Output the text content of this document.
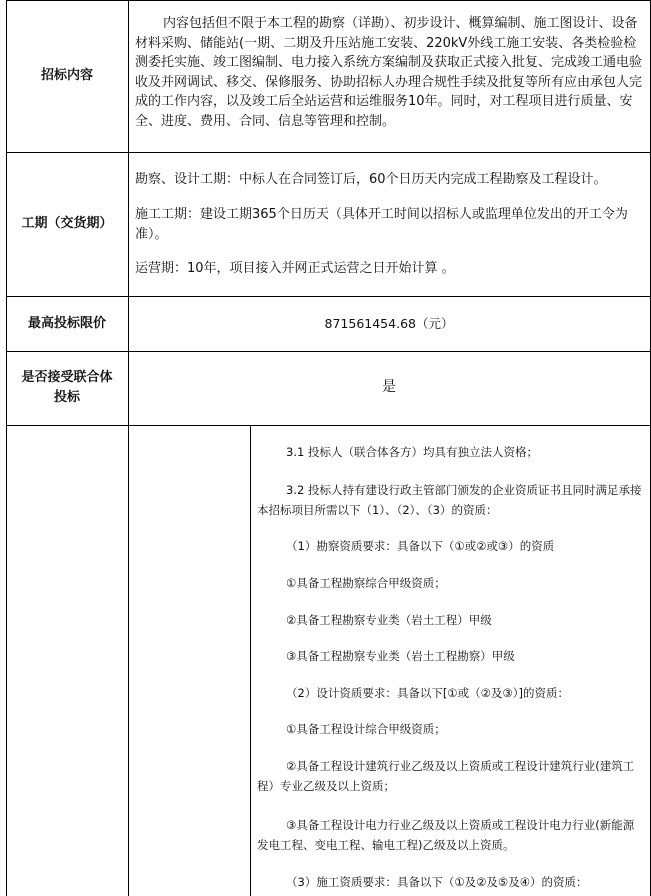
招标内容

内容包括但不限于本工程的勘察（详勘）、初步设计、概算编制、施工图设计、设备材料采购、储能站(一期、二期及升压站施工安装、220kV外线工施工安装、各类检验检测委托实施、竣工图编制、电力接入系统方案编制及获取正式接入批复、完成竣工通电验收及并网调试、移交、保修服务、协助招标人办理合规性手续及批复等所有应由承包人完成的工作内容，以及竣工后全站运营和运维服务10年。同时，对工程项目进行质量、安全、进度、费用、合同、信息等管理和控制。

工期（交货期）

勘察、设计工期：中标人在合同签订后，60个日历天内完成工程勘察及工程设计。

施工工期：建设工期365个日历天（具体开工时间以招标人或监理单位发出的开工令为准）。

运营期：10年，项目接入并网正式运营之日开始计算 。

最高投标限价	871561454.68（元）

是否接受联合体投标

是

3.1 投标人（联合体各方）均具有独立法人资格；

3.2 投标人持有建设行政主管部门颁发的企业资质证书且同时满足承接本招标项目所需以下（1）、（2）、（3）的资质：

（1）勘察资质要求：具备以下（①或②或③）的资质

①具备工程勘察综合甲级资质；

②具备工程勘察专业类（岩土工程）甲级

③具备工程勘察专业类（岩土工程勘察）甲级

（2）设计资质要求：具备以下[①或（②及③）]的资质：

①具备工程设计综合甲级资质；

②具备工程设计建筑行业乙级及以上资质或工程设计建筑行业(建筑工程）专业乙级及以上资质；

③具备工程设计电力行业乙级及以上资质或工程设计电力行业(新能源发电工程、变电工程、输电工程)乙级及以上资质。

（3）施工资质要求：具备以下（①及②及⑤及④）的资质：
